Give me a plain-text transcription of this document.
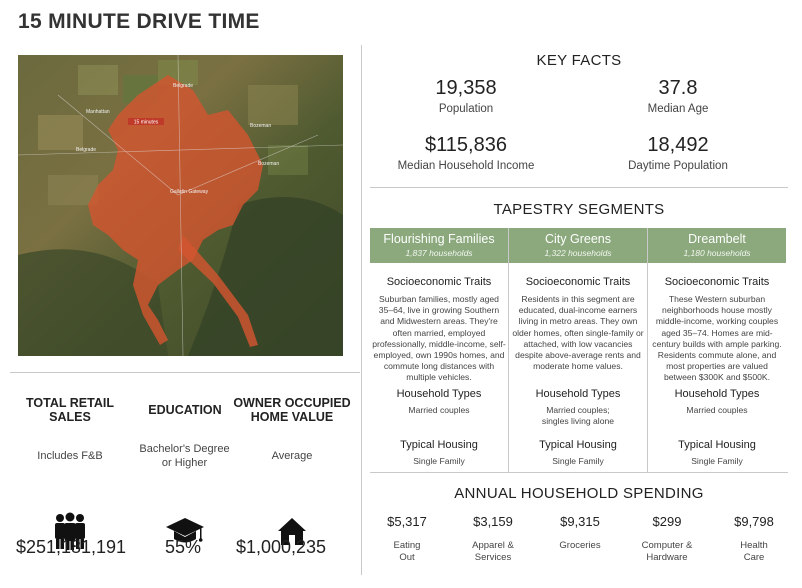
15 MINUTE DRIVE TIME
15 minutes
Manhattan
Belgrade
Bozeman
Gallatin Gateway
Bozeman
Belgrade
TOTAL RETAIL SALES
Includes F&B
EDUCATION
Bachelor's Degree or Higher
OWNER OCCUPIED HOME VALUE
Average
$251,181,191	55%	$1,000,235
KEY FACTS
19,358
Population
37.8
Median Age
$115,836
Median Household Income
18,492
Daytime Population
TAPESTRY SEGMENTS
Flourishing Families
1,837 households
City Greens
1,322 households
Dreambelt
1,180 households
Socioeconomic Traits
Suburban families, mostly aged 35–64, live in growing Southern and Midwestern areas. They're often married, employed professionally, middle-income, self-employed, own 1990s homes, and commute long distances with multiple vehicles.
Household Types
Married couples
Typical Housing
Single Family
Socioeconomic Traits
Residents in this segment are educated, dual-income earners living in metro areas. They own older homes, often single-family or attached, with low vacancies despite above-average rents and moderate home values.
Household Types
Married couples; singles living alone
Typical Housing
Single Family
Socioeconomic Traits
These Western suburban neighborhoods house mostly middle-income, working couples aged 35–74. Homes are mid-century builds with ample parking. Residents commute alone, and most properties are valued between $300K and $500K.
Household Types
Married couples
Typical Housing
Single Family
ANNUAL HOUSEHOLD SPENDING
$5,317
Eating Out
$3,159
Apparel & Services
$9,315
Groceries
$299
Computer & Hardware
$9,798
Health Care
